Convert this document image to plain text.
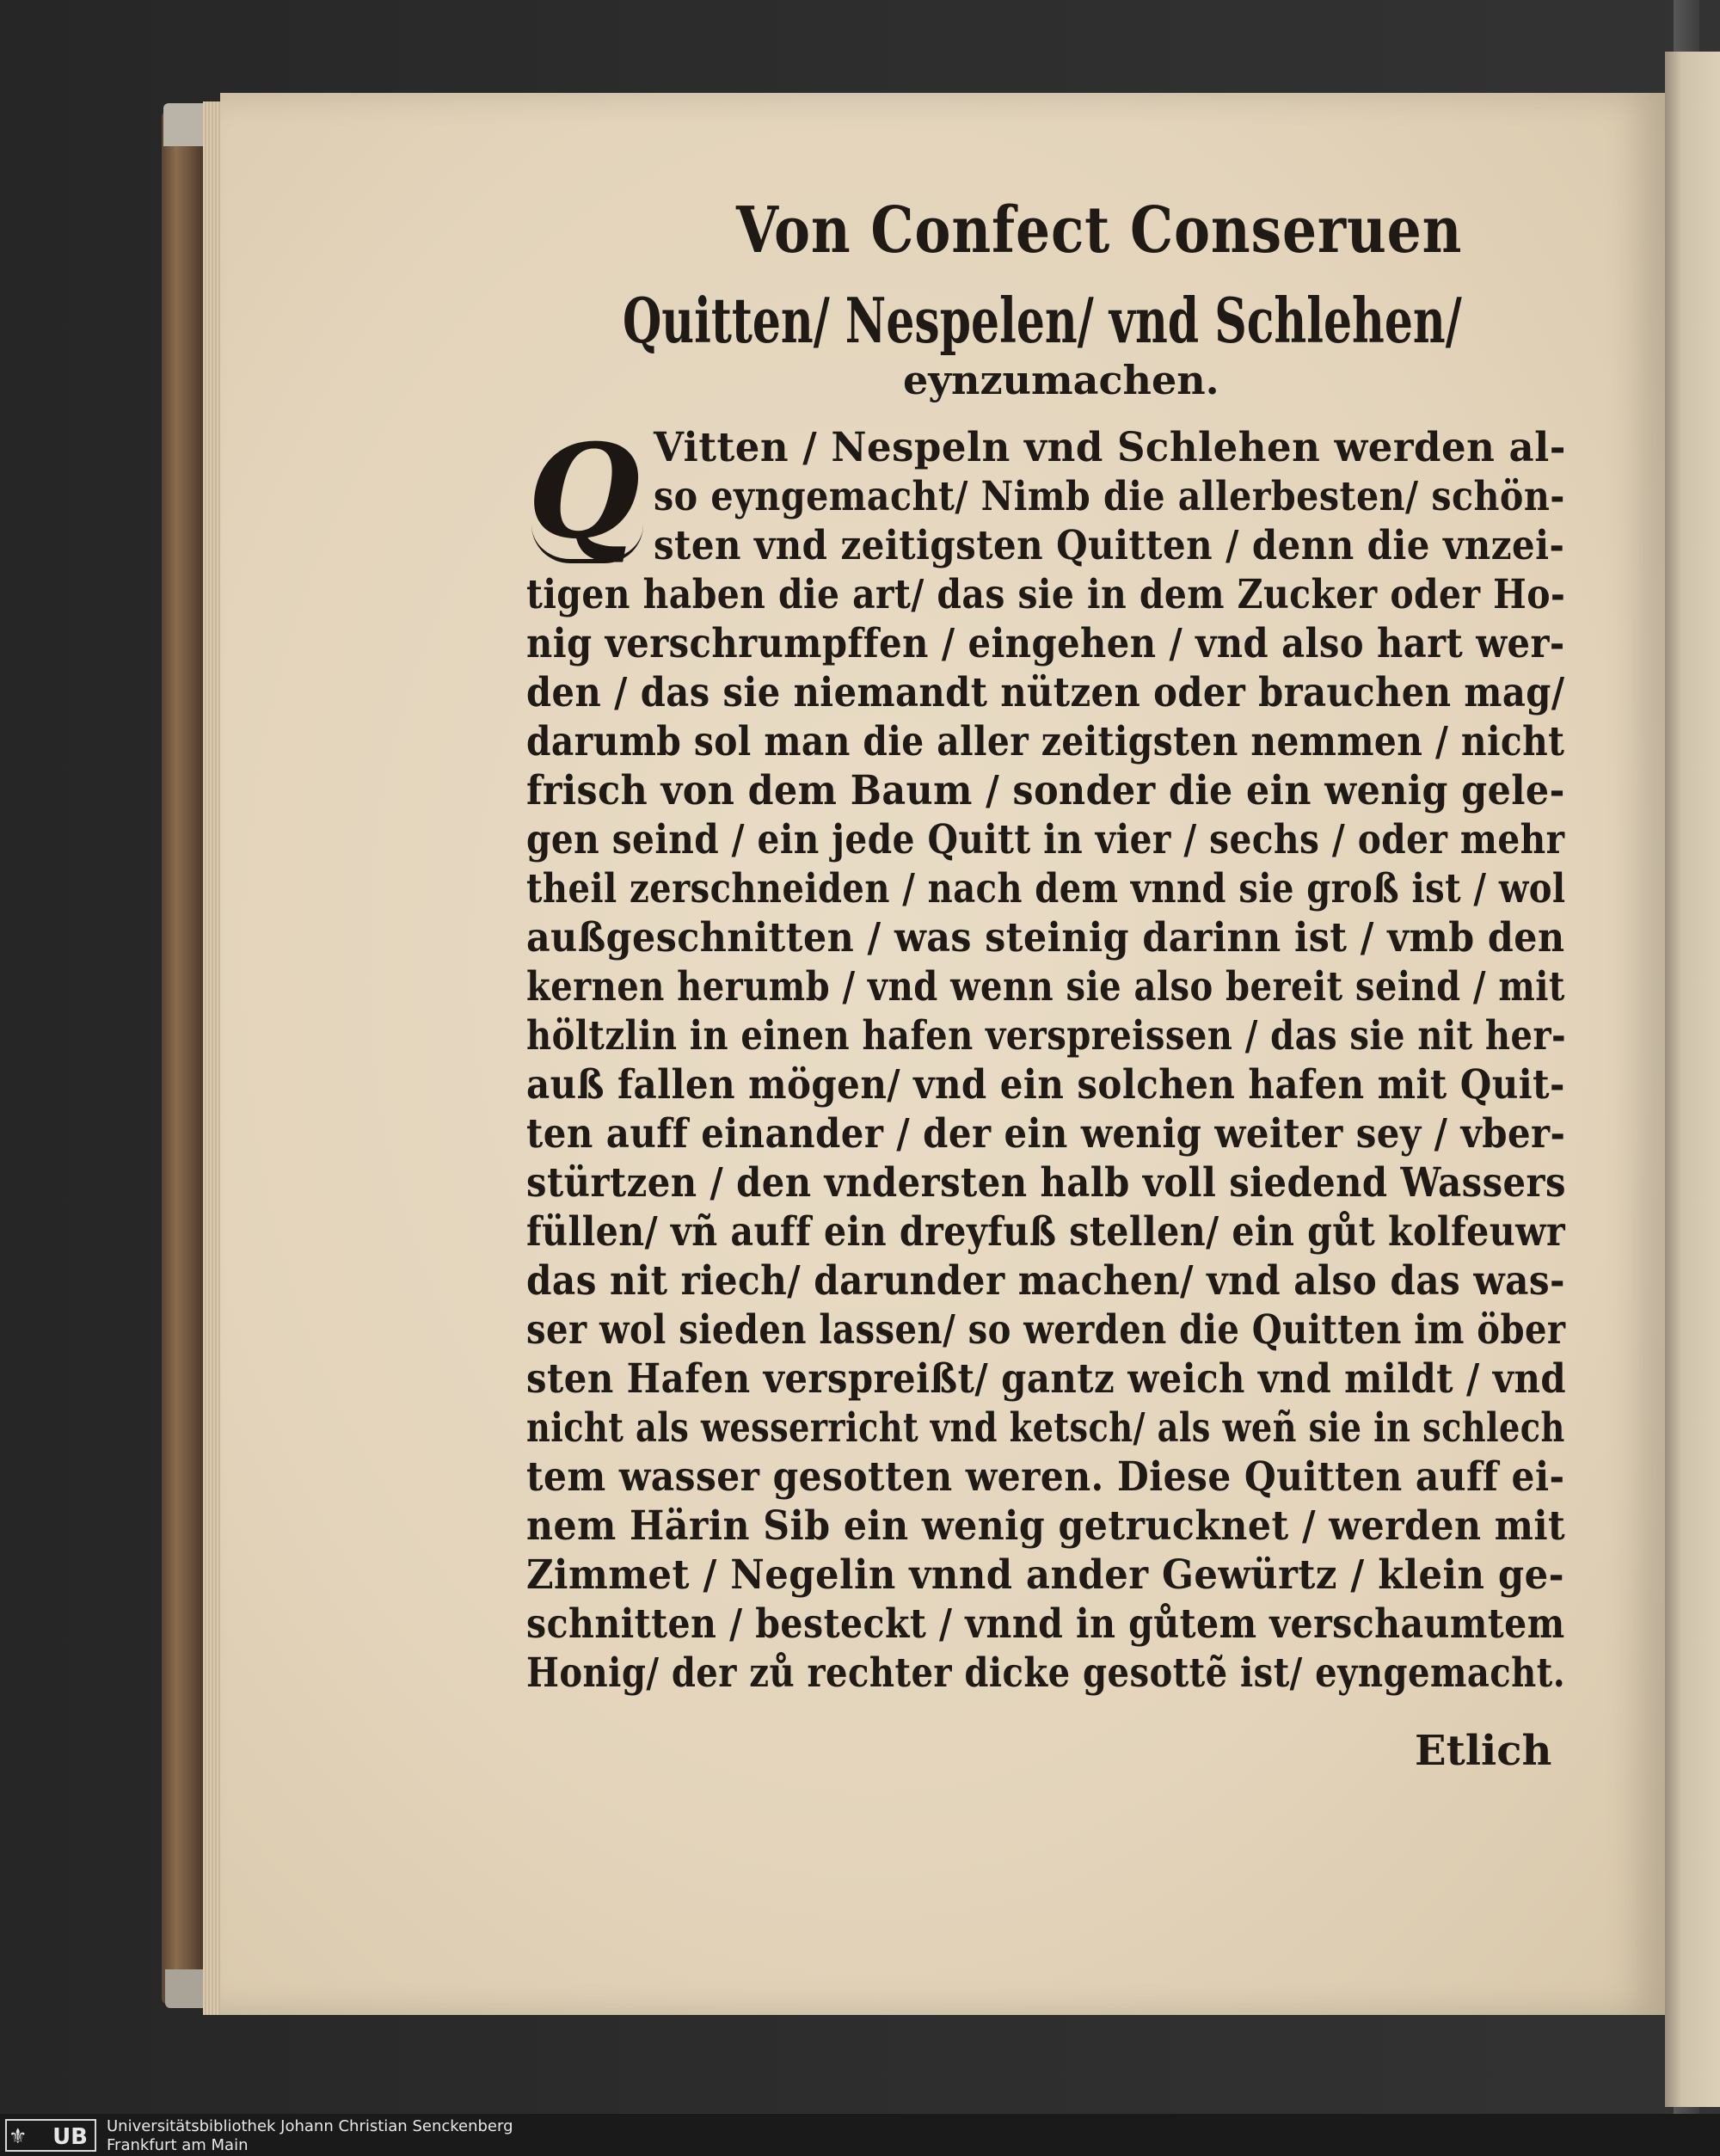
Von Confect Conseruen
Quitten/ Nespelen/ vnd Schlehen/
eynzumachen.
Q Vitten / Nespeln vnd Schlehen werden al-
so eyngemacht/ Nimb die allerbesten/ schön-
sten vnd zeitigsten Quitten / denn die vnzei-
tigen haben die art/ das sie in dem Zucker oder Ho-
nig verschrumpffen / eingehen / vnd also hart wer-
den / das sie niemandt nützen oder brauchen mag/
darumb sol man die aller zeitigsten nemmen / nicht
frisch von dem Baum / sonder die ein wenig gele-
gen seind / ein jede Quitt in vier / sechs / oder mehr
theil zerschneiden / nach dem vnnd sie groß ist / wol
außgeschnitten / was steinig darinn ist / vmb den
kernen herumb / vnd wenn sie also bereit seind / mit
höltzlin in einen hafen verspreissen / das sie nit her-
auß fallen mögen/ vnd ein solchen hafen mit Quit-
ten auff einander / der ein wenig weiter sey / vber-
stürtzen / den vndersten halb voll siedend Wassers
füllen/ vñ auff ein dreyfuß stellen/ ein gůt kolfeuwr
das nit riech/ darunder machen/ vnd also das was-
ser wol sieden lassen/ so werden die Quitten im öber
sten Hafen verspreißt/ gantz weich vnd mildt / vnd
nicht als wesserricht vnd ketsch/ als weñ sie in schlech
tem wasser gesotten weren. Diese Quitten auff ei-
nem Härin Sib ein wenig getrucknet / werden mit
Zimmet / Negelin vnnd ander Gewürtz / klein ge-
schnitten / besteckt / vnnd in gůtem verschaumtem
Honig/ der zů rechter dicke gesottẽ ist/ eyngemacht.
Etlich
UB
⚜	Universitätsbibliothek Johann Christian Senckenberg
Frankfurt am Main
